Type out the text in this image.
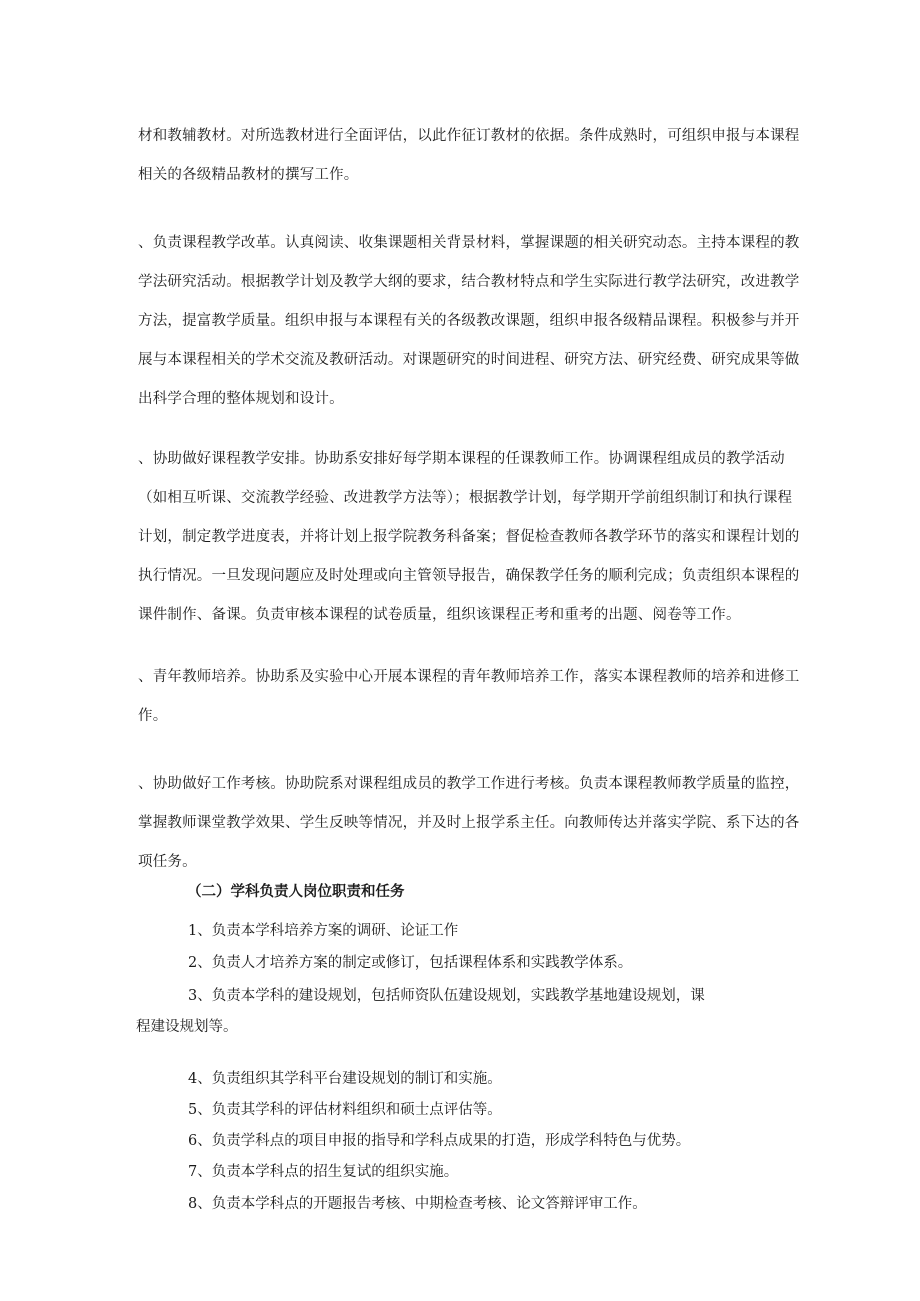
材和教辅教材。对所选教材进行全面评估，以此作征订教材的依据。条件成熟时，可组织申报与本课程

相关的各级精品教材的撰写工作。

、负责课程教学改革。认真阅读、收集课题相关背景材料，掌握课题的相关研究动态。主持本课程的教

学法研究活动。根据教学计划及教学大纲的要求，结合教材特点和学生实际进行教学法研究，改进教学

方法，提富教学质量。组织申报与本课程有关的各级教改课题，组织申报各级精品课程。积极参与并开

展与本课程相关的学术交流及教研活动。对课题研究的时间进程、研究方法、研究经费、研究成果等做

出科学合理的整体规划和设计。

、协助做好课程教学安排。协助系安排好每学期本课程的任课教师工作。协调课程组成员的教学活动

（如相互听课、交流教学经验、改进教学方法等）；根据教学计划，每学期开学前组织制订和执行课程

计划，制定教学进度表，并将计划上报学院教务科备案；督促检查教师各教学环节的落实和课程计划的

执行情况。一旦发现问题应及时处理或向主管领导报告，确保教学任务的顺利完成；负责组织本课程的

课件制作、备课。负责审核本课程的试卷质量，组织该课程正考和重考的出题、阅卷等工作。

、青年教师培养。协助系及实验中心开展本课程的青年教师培养工作，落实本课程教师的培养和进修工

作。

、协助做好工作考核。协助院系对课程组成员的教学工作进行考核。负责本课程教师教学质量的监控，

掌握教师课堂教学效果、学生反映等情况，并及时上报学系主任。向教师传达并落实学院、系下达的各

项任务。

（二）学科负责人岗位职责和任务
1、负责本学科培养方案的调研、论证工作
2、负责人才培养方案的制定或修订，包括课程体系和实践教学体系。
3、负责本学科的建设规划，包括师资队伍建设规划，实践教学基地建设规划，课
程建设规划等。
4、负责组织其学科平台建设规划的制订和实施。
5、负责其学科的评估材料组织和硕士点评估等。
6、负责学科点的项目申报的指导和学科点成果的打造，形成学科特色与优势。
7、负责本学科点的招生复试的组织实施。
8、负责本学科点的开题报告考核、中期检查考核、论文答辩评审工作。
